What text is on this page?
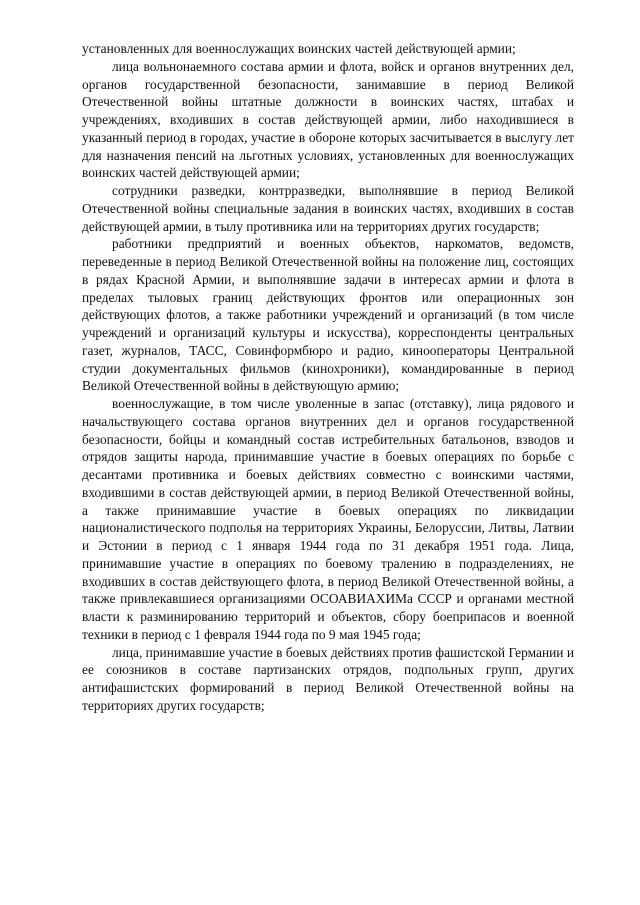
установленных для военнослужащих воинских частей действующей армии;

лица вольнонаемного состава армии и флота, войск и органов внутренних дел, органов государственной безопасности, занимавшие в период Великой Отечественной войны штатные должности в воинских частях, штабах и учреждениях, входивших в состав действующей армии, либо находившиеся в указанный период в городах, участие в обороне которых засчитывается в выслугу лет для назначения пенсий на льготных условиях, установленных для военнослужащих воинских частей действующей армии;

сотрудники разведки, контрразведки, выполнявшие в период Великой Отечественной войны специальные задания в воинских частях, входивших в состав действующей армии, в тылу противника или на территориях других государств;

работники предприятий и военных объектов, наркоматов, ведомств, переведенные в период Великой Отечественной войны на положение лиц, состоящих в рядах Красной Армии, и выполнявшие задачи в интересах армии и флота в пределах тыловых границ действующих фронтов или операционных зон действующих флотов, а также работники учреждений и организаций (в том числе учреждений и организаций культуры и искусства), корреспонденты центральных газет, журналов, ТАСС, Совинформбюро и радио, кинооператоры Центральной студии документальных фильмов (кинохроники), командированные в период Великой Отечественной войны в действующую армию;

военнослужащие, в том числе уволенные в запас (отставку), лица рядового и начальствующего состава органов внутренних дел и органов государственной безопасности, бойцы и командный состав истребительных батальонов, взводов и отрядов защиты народа, принимавшие участие в боевых операциях по борьбе с десантами противника и боевых действиях совместно с воинскими частями, входившими в состав действующей армии, в период Великой Отечественной войны, а также принимавшие участие в боевых операциях по ликвидации националистического подполья на территориях Украины, Белоруссии, Литвы, Латвии и Эстонии в период с 1 января 1944 года по 31 декабря 1951 года. Лица, принимавшие участие в операциях по боевому тралению в подразделениях, не входивших в состав действующего флота, в период Великой Отечественной войны, а также привлекавшиеся организациями ОСОАВИАХИМа СССР и органами местной власти к разминированию территорий и объектов, сбору боеприпасов и военной техники в период с 1 февраля 1944 года по 9 мая 1945 года;

лица, принимавшие участие в боевых действиях против фашистской Германии и ее союзников в составе партизанских отрядов, подпольных групп, других антифашистских формирований в период Великой Отечественной войны на территориях других государств;
